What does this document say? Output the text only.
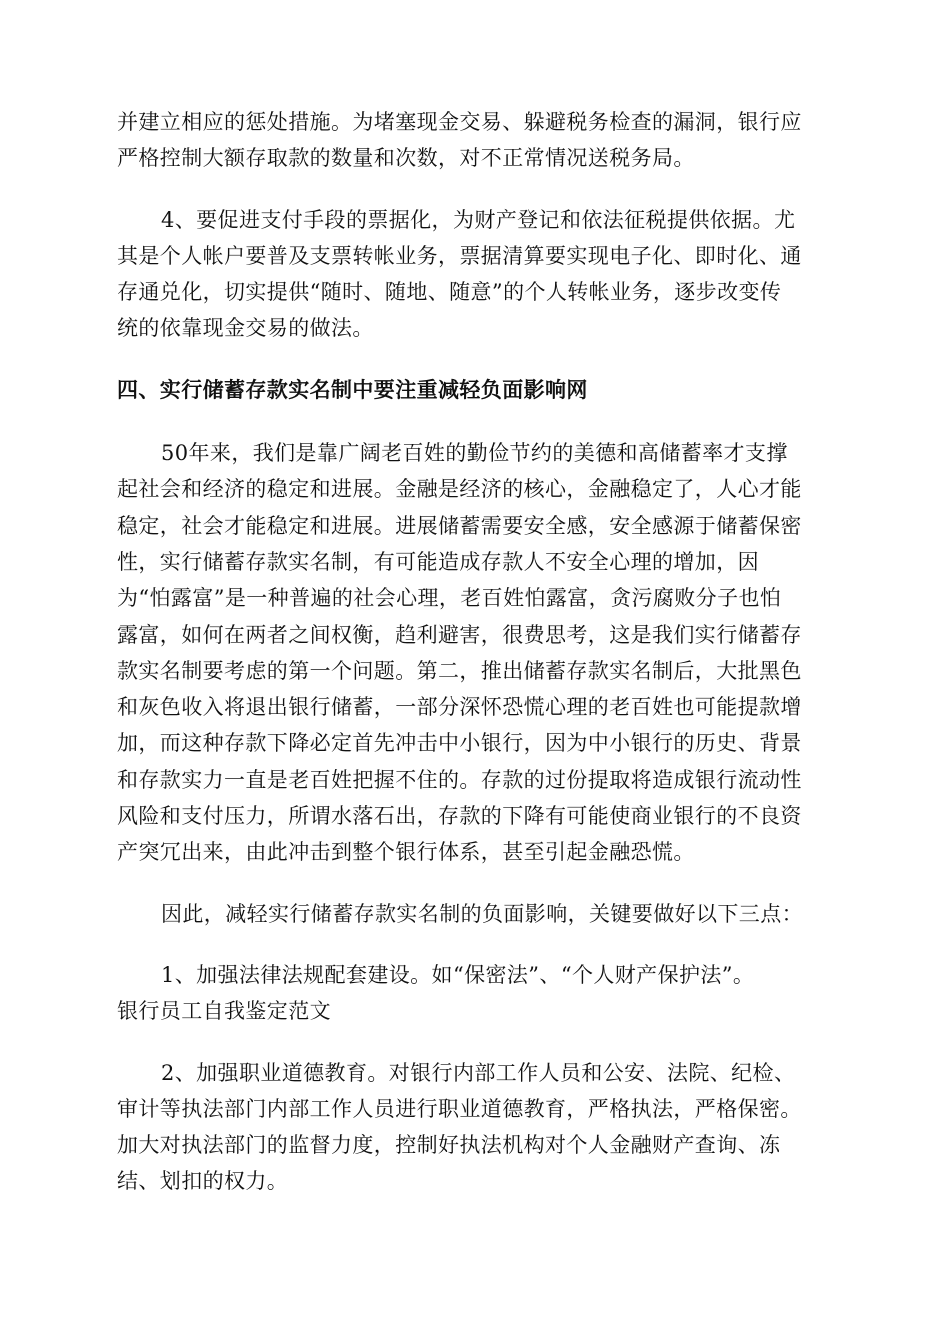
并建立相应的惩处措施。为堵塞现金交易、躲避税务检查的漏洞，银行应
严格控制大额存取款的数量和次数，对不正常情况送税务局。
4、要促进支付手段的票据化，为财产登记和依法征税提供依据。尤
其是个人帐户要普及支票转帐业务，票据清算要实现电子化、即时化、通
存通兑化，切实提供“随时、随地、随意”的个人转帐业务，逐步改变传
统的依靠现金交易的做法。
四、实行储蓄存款实名制中要注重减轻负面影响网
50年来，我们是靠广阔老百姓的勤俭节约的美德和高储蓄率才支撑
起社会和经济的稳定和进展。金融是经济的核心，金融稳定了，人心才能
稳定，社会才能稳定和进展。进展储蓄需要安全感，安全感源于储蓄保密
性，实行储蓄存款实名制，有可能造成存款人不安全心理的增加，因
为“怕露富”是一种普遍的社会心理，老百姓怕露富，贪污腐败分子也怕
露富，如何在两者之间权衡，趋利避害，很费思考，这是我们实行储蓄存
款实名制要考虑的第一个问题。第二，推出储蓄存款实名制后，大批黑色
和灰色收入将退出银行储蓄，一部分深怀恐慌心理的老百姓也可能提款增
加，而这种存款下降必定首先冲击中小银行，因为中小银行的历史、背景
和存款实力一直是老百姓把握不住的。存款的过份提取将造成银行流动性
风险和支付压力，所谓水落石出，存款的下降有可能使商业银行的不良资
产突冗出来，由此冲击到整个银行体系，甚至引起金融恐慌。
因此，减轻实行储蓄存款实名制的负面影响，关键要做好以下三点：
1、加强法律法规配套建设。如“保密法”、“个人财产保护法”。
银行员工自我鉴定范文
2、加强职业道德教育。对银行内部工作人员和公安、法院、纪检、
审计等执法部门内部工作人员进行职业道德教育，严格执法，严格保密。
加大对执法部门的监督力度，控制好执法机构对个人金融财产查询、冻
结、划扣的权力。
